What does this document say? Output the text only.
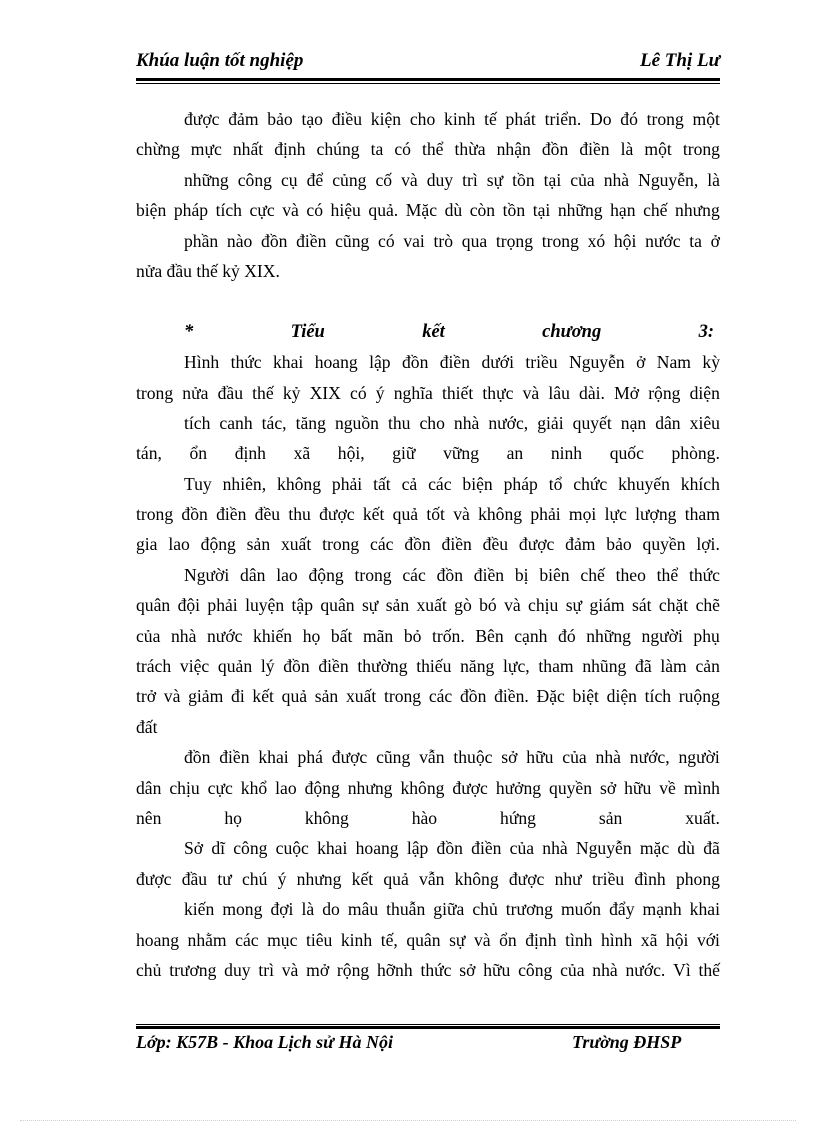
Khúa luận tốt nghiệp	Lê Thị Lư
được đảm bảo tạo điều kiện cho kinh tế phát triển. Do đó trong một
chừng mực nhất định chúng ta có thể thừa nhận đồn điền là một trong
những công cụ để củng cố và duy trì sự tồn tại của nhà Nguyễn, là
biện pháp tích cực và có hiệu quả. Mặc dù còn tồn tại những hạn chế nhưng
phần nào đồn điền cũng có vai trò qua trọng trong xó hội nước ta ở
nửa đầu thế kỷ XIX.
*	Tiểu	kết	chương	3:
Hình thức khai hoang lập đồn điền dưới triều Nguyễn ở Nam kỳ
trong nửa đầu thế kỷ XIX có ý nghĩa thiết thực và lâu dài. Mở rộng diện
tích canh tác, tăng nguồn thu cho nhà nước, giải quyết nạn dân xiêu
tán, ổn định xã hội, giữ vững an ninh quốc phòng.
Tuy nhiên, không phải tất cả các biện pháp tổ chức khuyến khích
trong đồn điền đều thu được kết quả tốt và không phải mọi lực lượng tham
gia lao động sản xuất trong các đồn điền đều được đảm bảo quyền lợi.
Người dân lao động trong các đồn điền bị biên chế theo thể thức
quân đội phải luyện tập quân sự sản xuất gò bó và chịu sự giám sát chặt chẽ
của nhà nước khiến họ bất mãn bỏ trốn. Bên cạnh đó những người phụ
trách việc quản lý đồn điền thường thiếu năng lực, tham nhũng đã làm cản
trở và giảm đi kết quả sản xuất trong các đồn điền. Đặc biệt diện tích ruộng
đất
đồn điền khai phá được cũng vẫn thuộc sở hữu của nhà nước, người
dân chịu cực khổ lao động nhưng không được hưởng quyền sở hữu về mình
nên	họ	không	hào	hứng	sản	xuất.
Sở dĩ công cuộc khai hoang lập đồn điền của nhà Nguyễn mặc dù đã
được đầu tư chú ý nhưng kết quả vẫn không được như triều đình phong
kiến mong đợi là do mâu thuẫn giữa chủ trương muốn đẩy mạnh khai
hoang nhằm các mục tiêu kinh tế, quân sự và ổn định tình hình xã hội với
chủ trương duy trì và mở rộng hỡnh thức sở hữu công của nhà nước. Vì thế
Lớp: K57B - Khoa Lịch sử Hà Nội	Trường ĐHSP
